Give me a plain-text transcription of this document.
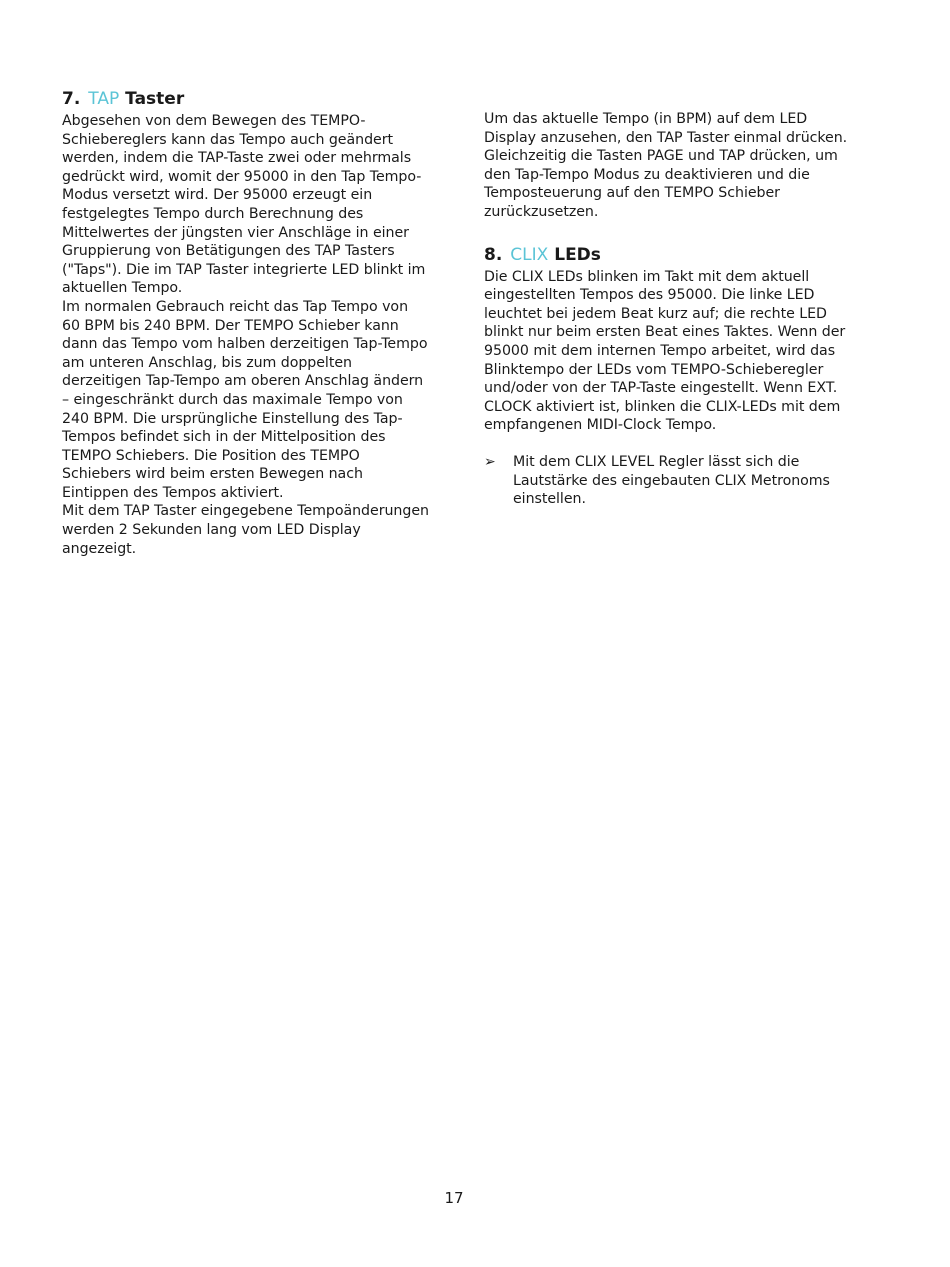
7. TAP Taster

Abgesehen von dem Bewegen des TEMPO-Schiebereglers kann das Tempo auch geändert werden, indem die TAP-Taste zwei oder mehrmals gedrückt wird, womit der 95000 in den Tap Tempo-Modus versetzt wird. Der 95000 erzeugt ein festgelegtes Tempo durch Berechnung des Mittelwertes der jüngsten vier Anschläge in einer Gruppierung von Betätigungen des TAP Tasters ("Taps"). Die im TAP Taster integrierte LED blinkt im aktuellen Tempo.

Im normalen Gebrauch reicht das Tap Tempo von 60 BPM bis 240 BPM. Der TEMPO Schieber kann dann das Tempo vom halben derzeitigen Tap-Tempo am unteren Anschlag, bis zum doppelten derzeitigen Tap-Tempo am oberen Anschlag ändern – eingeschränkt durch das maximale Tempo von 240 BPM. Die ursprüngliche Einstellung des Tap-Tempos befindet sich in der Mittelposition des TEMPO Schiebers. Die Position des TEMPO Schiebers wird beim ersten Bewegen nach Eintippen des Tempos aktiviert.

Mit dem TAP Taster eingegebene Tempoänderungen werden 2 Sekunden lang vom LED Display angezeigt.

Um das aktuelle Tempo (in BPM) auf dem LED Display anzusehen, den TAP Taster einmal drücken.

Gleichzeitig die Tasten PAGE und TAP drücken, um den Tap-Tempo Modus zu deaktivieren und die Temposteuerung auf den TEMPO Schieber zurückzusetzen.

8. CLIX LEDs

Die CLIX LEDs blinken im Takt mit dem aktuell eingestellten Tempos des 95000. Die linke LED leuchtet bei jedem Beat kurz auf; die rechte LED blinkt nur beim ersten Beat eines Taktes. Wenn der 95000 mit dem internen Tempo arbeitet, wird das Blinktempo der LEDs vom TEMPO-Schieberegler und/oder von der TAP-Taste eingestellt. Wenn EXT. CLOCK aktiviert ist, blinken die CLIX-LEDs mit dem empfangenen MIDI-Clock Tempo.

➢	Mit dem CLIX LEVEL Regler lässt sich die Lautstärke des eingebauten CLIX Metronoms einstellen.
17
